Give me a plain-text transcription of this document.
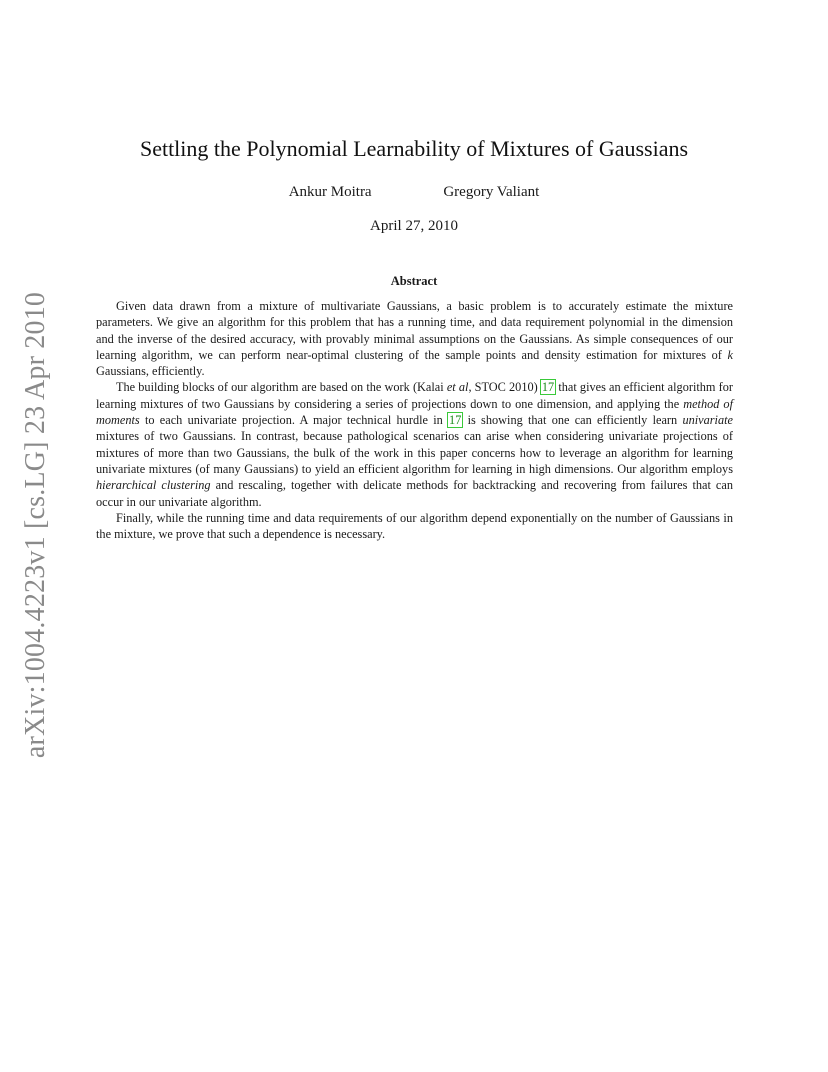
arXiv:1004.4223v1 [cs.LG] 23 Apr 2010
Settling the Polynomial Learnability of Mixtures of Gaussians
Ankur Moitra	Gregory Valiant
April 27, 2010
Abstract

Given data drawn from a mixture of multivariate Gaussians, a basic problem is to accurately estimate the mixture parameters. We give an algorithm for this problem that has a running time, and data requirement polynomial in the dimension and the inverse of the desired accuracy, with provably minimal assumptions on the Gaussians. As simple consequences of our learning algorithm, we can perform near-optimal clustering of the sample points and density estimation for mixtures of k Gaussians, efficiently.

The building blocks of our algorithm are based on the work (Kalai et al, STOC 2010) 17 that gives an efficient algorithm for learning mixtures of two Gaussians by considering a series of projections down to one dimension, and applying the method of moments to each univariate projection. A major technical hurdle in 17 is showing that one can efficiently learn univariate mixtures of two Gaussians. In contrast, because pathological scenarios can arise when considering univariate projections of mixtures of more than two Gaussians, the bulk of the work in this paper concerns how to leverage an algorithm for learning univariate mixtures (of many Gaussians) to yield an efficient algorithm for learning in high dimensions. Our algorithm employs hierarchical clustering and rescaling, together with delicate methods for backtracking and recovering from failures that can occur in our univariate algorithm.

Finally, while the running time and data requirements of our algorithm depend exponentially on the number of Gaussians in the mixture, we prove that such a dependence is necessary.
